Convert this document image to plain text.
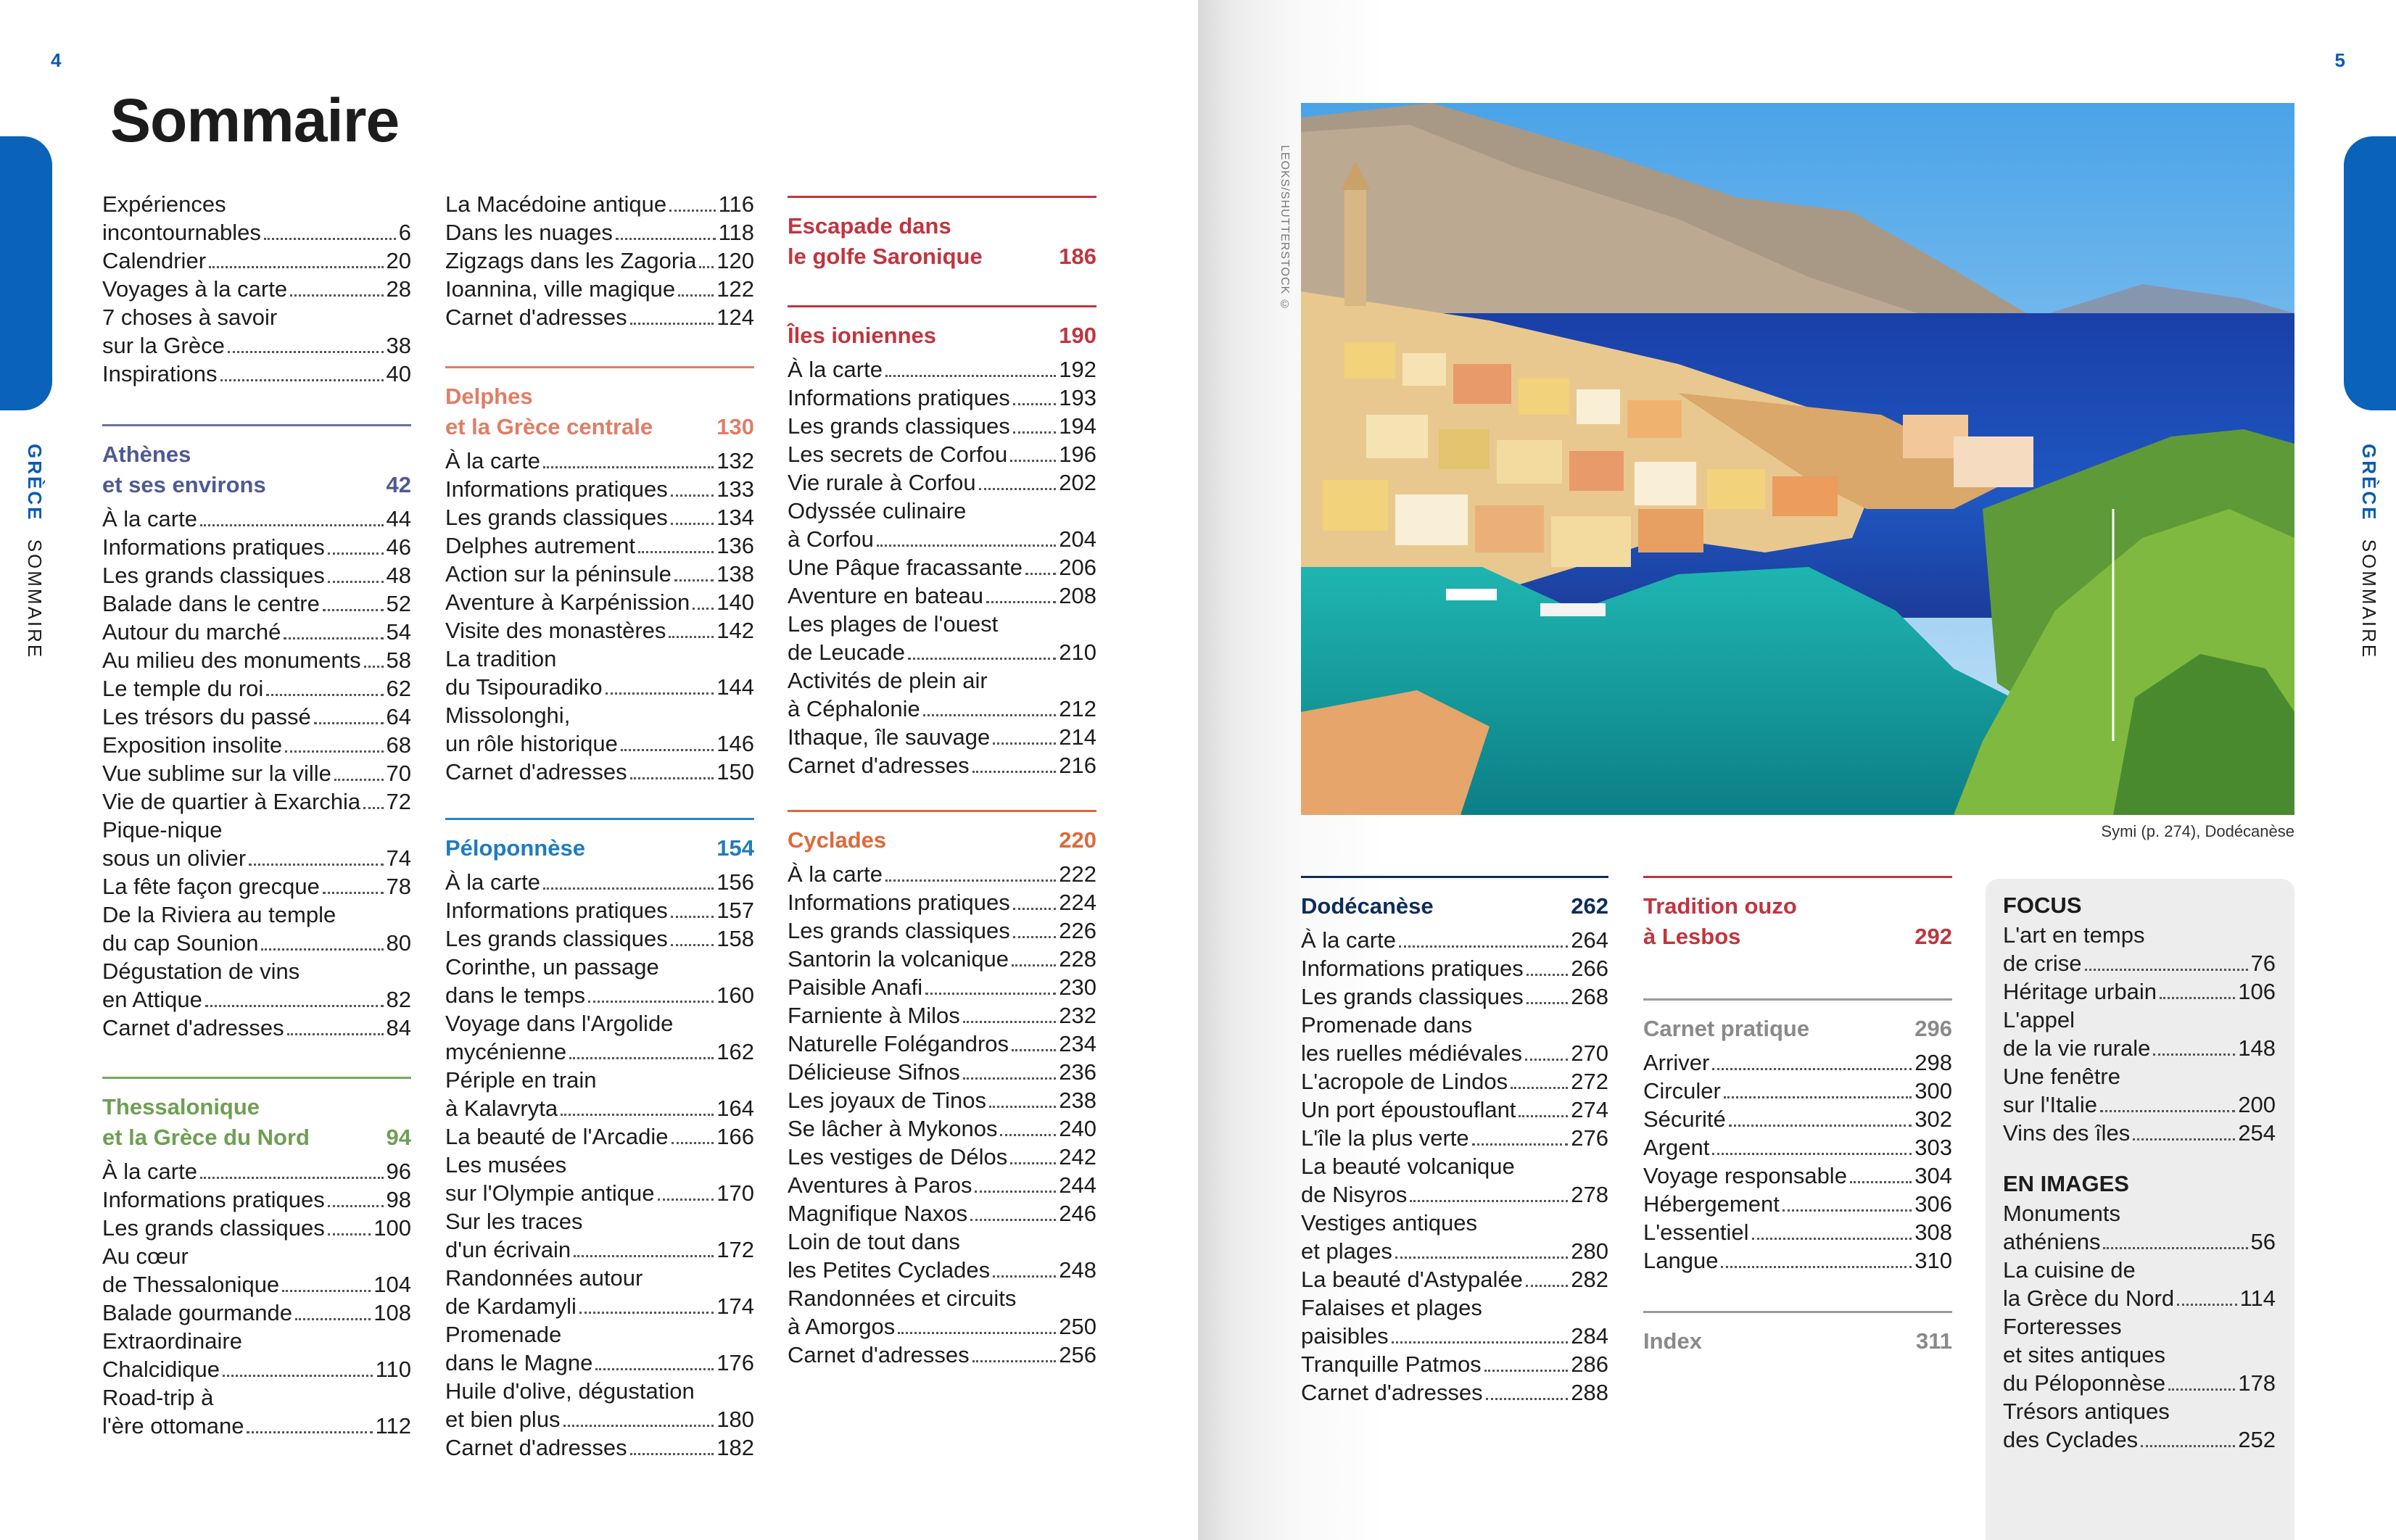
4
GRÈCE SOMMAIRE
Sommaire
Expériences
incontournables	6
Calendrier	20
Voyages à la carte	28
7 choses à savoir
sur la Grèce	38
Inspirations	40
Athènes
et ses environs	42
À la carte	44
Informations pratiques	46
Les grands classiques	48
Balade dans le centre	52
Autour du marché	54
Au milieu des monuments 58
Le temple du roi	62
Les trésors du passé	64
Exposition insolite	68
Vue sublime sur la ville 70
Vie de quartier à Exarchia 72
Pique-nique
sous un olivier	74
La fête façon grecque	78
De la Riviera au temple
du cap Sounion	80
Dégustation de vins
en Attique	82
Carnet d'adresses	84
Thessalonique
et la Grèce du Nord	94
À la carte	96
Informations pratiques	98
Les grands classiques 100
Au cœur
de Thessalonique	104
Balade gourmande	108
Extraordinaire
Chalcidique	110
Road-trip à
l'ère ottomane	112
La Macédoine antique 116
Dans les nuages	118
Zigzags dans les Zagoria 120
Ioannina, ville magique 122
Carnet d'adresses	124
Delphes
et la Grèce centrale	130
À la carte	132
Informations pratiques 133
Les grands classiques 134
Delphes autrement	136
Action sur la péninsule 138
Aventure à Karpénission 140
Visite des monastères 142
La tradition
du Tsipouradiko	144
Missolonghi,
un rôle historique	146
Carnet d'adresses	150
Péloponnèse	154
À la carte	156
Informations pratiques 157
Les grands classiques 158
Corinthe, un passage
dans le temps	160
Voyage dans l'Argolide
mycénienne	162
Périple en train
à Kalavryta	164
La beauté de l'Arcadie 166
Les musées
sur l'Olympie antique	170
Sur les traces
d'un écrivain	172
Randonnées autour
de Kardamyli	174
Promenade
dans le Magne	176
Huile d'olive, dégustation
et bien plus	180
Carnet d'adresses	182
Escapade dans
le golfe Saronique	186
Îles ioniennes	190
À la carte	192
Informations pratiques 193
Les grands classiques 194
Les secrets de Corfou 196
Vie rurale à Corfou	202
Odyssée culinaire
à Corfou	204
Une Pâque fracassante 206
Aventure en bateau	208
Les plages de l'ouest
de Leucade	210
Activités de plein air
à Céphalonie	212
Ithaque, île sauvage	214
Carnet d'adresses	216
Cyclades	220
À la carte	222
Informations pratiques 224
Les grands classiques 226
Santorin la volcanique 228
Paisible Anafi	230
Farniente à Milos	232
Naturelle Folégandros 234
Délicieuse Sifnos	236
Les joyaux de Tinos	238
Se lâcher à Mykonos	240
Les vestiges de Délos 242
Aventures à Paros	244
Magnifique Naxos	246
Loin de tout dans
les Petites Cyclades	248
Randonnées et circuits
à Amorgos	250
Carnet d'adresses	256
5
GRÈCE SOMMAIRE
LEOKS/SHUTTERSTOCK ©
Symi (p. 274), Dodécanèse
Dodécanèse	262
À la carte	264
Informations pratiques 266
Les grands classiques 268
Promenade dans
les ruelles médiévales 270
L'acropole de Lindos	272
Un port époustouflant 274
L'île la plus verte	276
La beauté volcanique
de Nisyros	278
Vestiges antiques
et plages	280
La beauté d'Astypalée 282
Falaises et plages
paisibles	284
Tranquille Patmos	286
Carnet d'adresses	288
Tradition ouzo
à Lesbos	292
Carnet pratique	296
Arriver	298
Circuler	300
Sécurité	302
Argent	303
Voyage responsable	304
Hébergement	306
L'essentiel	308
Langue	310
Index	311
FOCUS
L'art en temps
de crise	76
Héritage urbain	106
L'appel
de la vie rurale	148
Une fenêtre
sur l'Italie	200
Vins des îles	254
EN IMAGES
Monuments
athéniens	56
La cuisine de
la Grèce du Nord	114
Forteresses
et sites antiques
du Péloponnèse	178
Trésors antiques
des Cyclades	252
